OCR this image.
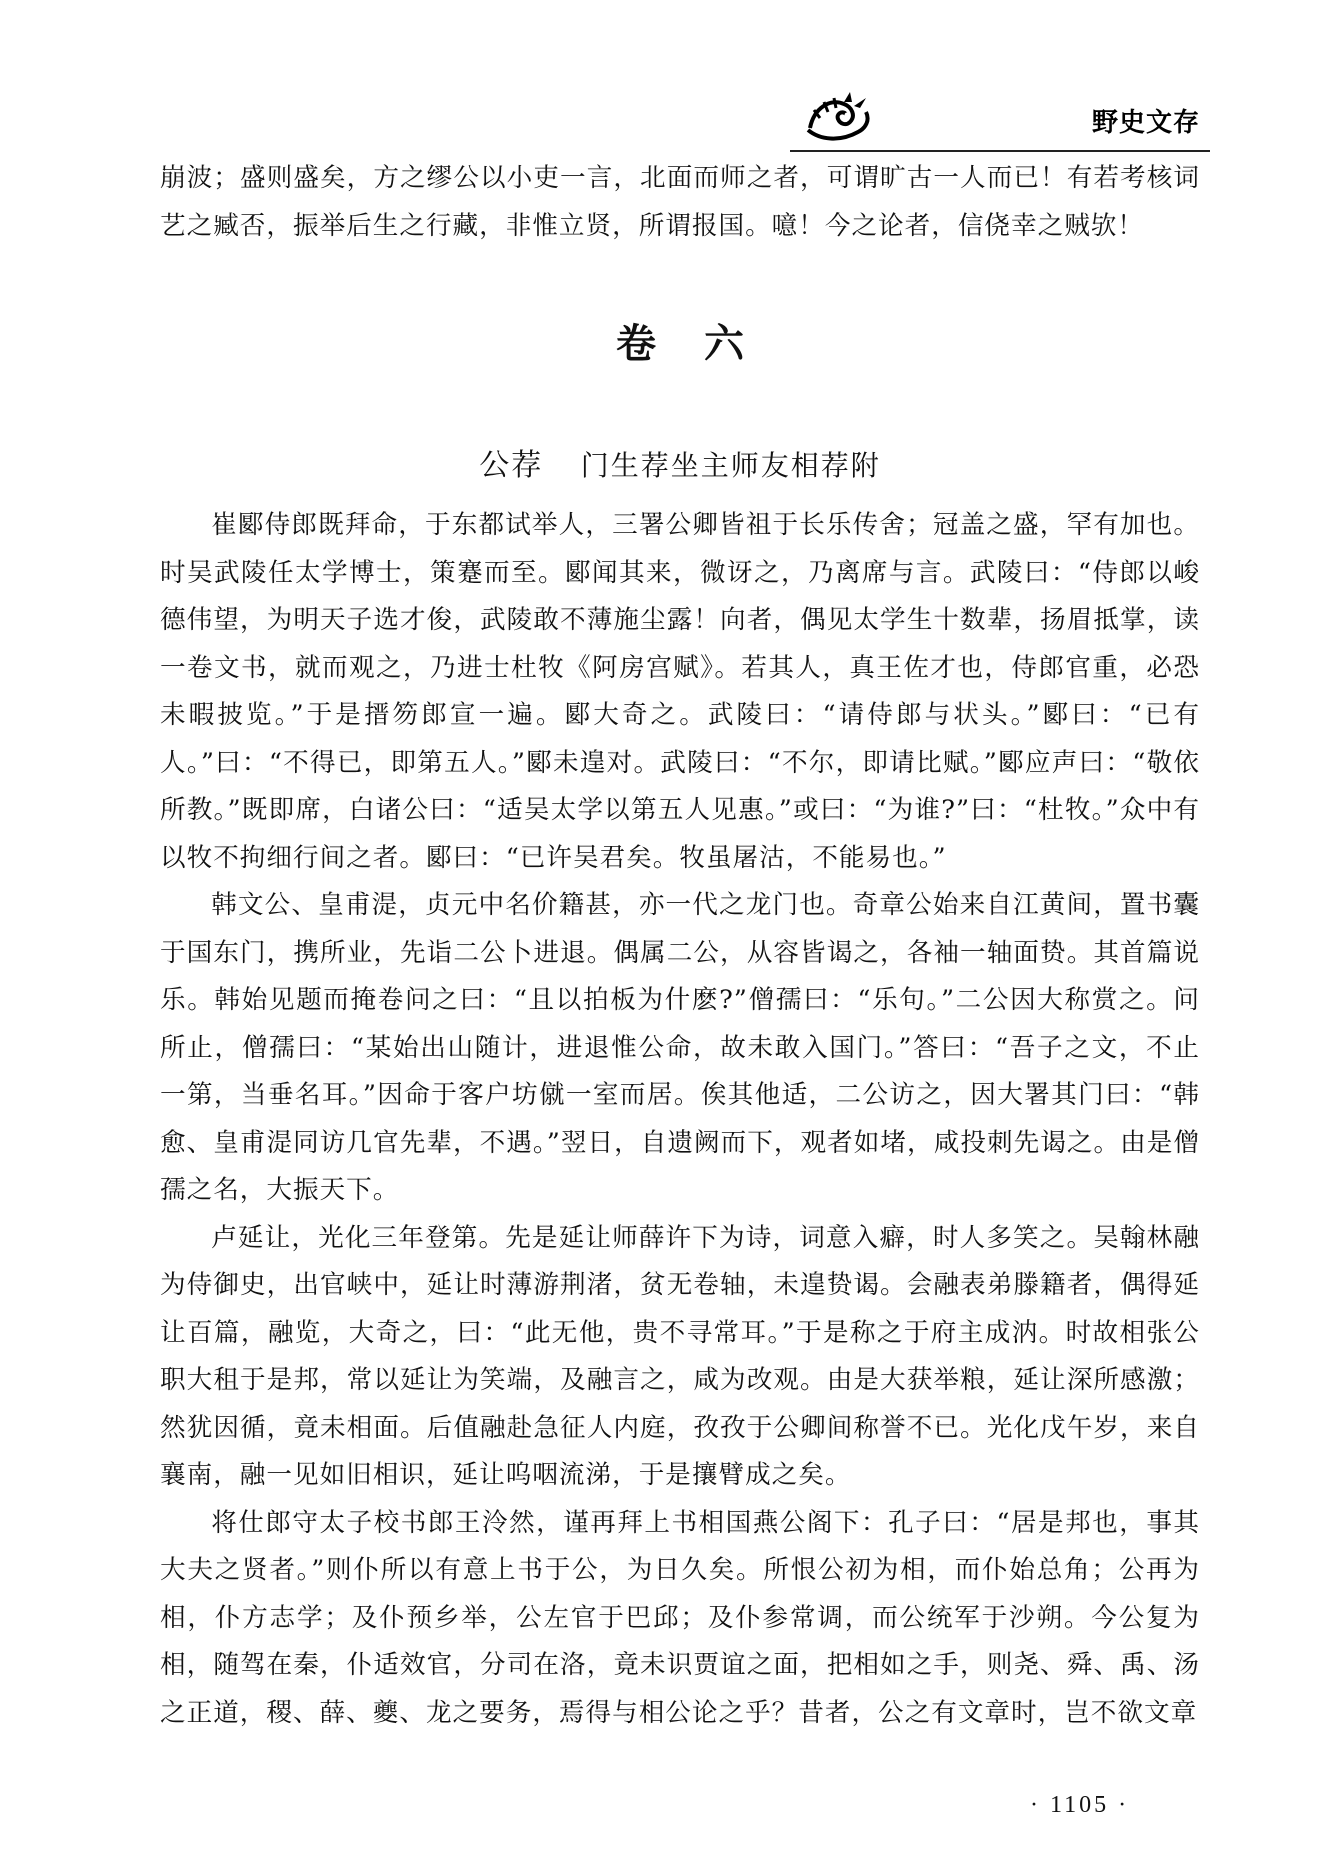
野史文存

崩波；盛则盛矣，方之缪公以小吏一言，北面而师之者，可谓旷古一人而已！有若考核词艺之臧否，振举后生之行藏，非惟立贤，所谓报国。噫！今之论者，信侥幸之贼欤！

卷六
公荐 门生荐坐主师友相荐附

崔郾侍郎既拜命，于东都试举人，三署公卿皆祖于长乐传舍；冠盖之盛，罕有加也。时吴武陵任太学博士，策蹇而至。郾闻其来，微讶之，乃离席与言。武陵曰：“侍郎以峻德伟望，为明天子选才俊，武陵敢不薄施尘露！向者，偶见太学生十数辈，扬眉抵掌，读一卷文书，就而观之，乃进士杜牧《阿房宫赋》。若其人，真王佐才也，侍郎官重，必恐未暇披览。”于是搢笏郎宣一遍。郾大奇之。武陵曰：“请侍郎与状头。”郾曰：“已有人。”曰：“不得已，即第五人。”郾未遑对。武陵曰：“不尔，即请比赋。”郾应声曰：“敬依所教。”既即席，白诸公曰：“适吴太学以第五人见惠。”或曰：“为谁?”曰：“杜牧。”众中有以牧不拘细行间之者。郾曰：“已许吴君矣。牧虽屠沽，不能易也。”

韩文公、皇甫湜，贞元中名价籍甚，亦一代之龙门也。奇章公始来自江黄间，置书囊于国东门，携所业，先诣二公卜进退。偶属二公，从容皆谒之，各袖一轴面贽。其首篇说乐。韩始见题而掩卷问之曰：“且以拍板为什麽?”僧孺曰：“乐句。”二公因大称赏之。问所止，僧孺曰：“某始出山随计，进退惟公命，故未敢入国门。”答曰：“吾子之文，不止一第，当垂名耳。”因命于客户坊僦一室而居。俟其他适，二公访之，因大署其门曰：“韩愈、皇甫湜同访几官先辈，不遇。”翌日，自遗阙而下，观者如堵，咸投刺先谒之。由是僧孺之名，大振天下。

卢延让，光化三年登第。先是延让师薛许下为诗，词意入癖，时人多笑之。吴翰林融为侍御史，出官峡中，延让时薄游荆渚，贫无卷轴，未遑贽谒。会融表弟滕籍者，偶得延让百篇，融览，大奇之，曰：“此无他，贵不寻常耳。”于是称之于府主成汭。时故相张公职大租于是邦，常以延让为笑端，及融言之，咸为改观。由是大获举粮，延让深所感激；然犹因循，竟未相面。后值融赴急征人内庭，孜孜于公卿间称誉不已。光化戊午岁，来自襄南，融一见如旧相识，延让呜咽流涕，于是攘臂成之矣。

将仕郎守太子校书郎王泠然，谨再拜上书相国燕公阁下：孔子曰：“居是邦也，事其大夫之贤者。”则仆所以有意上书于公，为日久矣。所恨公初为相，而仆始总角；公再为相，仆方志学；及仆预乡举，公左官于巴邱；及仆参常调，而公统军于沙朔。今公复为相，随驾在秦，仆适效官，分司在洛，竟未识贾谊之面，把相如之手，则尧、舜、禹、汤之正道，稷、薛、夔、龙之要务，焉得与相公论之乎？昔者，公之有文章时，岂不欲文章

· 1105 ·
